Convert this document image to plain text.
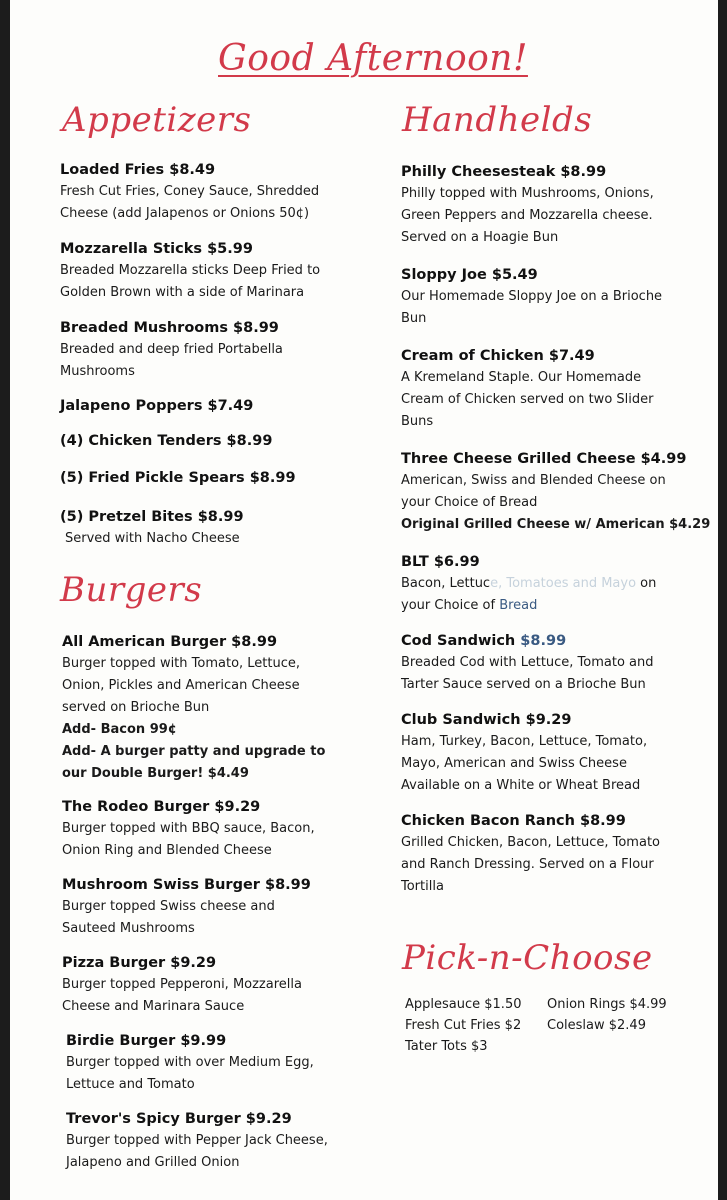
Good Afternoon!
Appetizers
Loaded Fries $8.49
Fresh Cut Fries, Coney Sauce, Shredded
Cheese (add Jalapenos or Onions 50¢)
Mozzarella Sticks $5.99
Breaded Mozzarella sticks Deep Fried to
Golden Brown with a side of Marinara
Breaded Mushrooms $8.99
Breaded and deep fried Portabella
Mushrooms
Jalapeno Poppers $7.49
(4) Chicken Tenders $8.99
(5) Fried Pickle Spears $8.99
(5) Pretzel Bites $8.99
Served with Nacho Cheese
Burgers
All American Burger $8.99
Burger topped with Tomato, Lettuce,
Onion, Pickles and American Cheese
served on Brioche Bun
Add- Bacon 99¢
Add- A burger patty and upgrade to
our Double Burger! $4.49
The Rodeo Burger $9.29
Burger topped with BBQ sauce, Bacon,
Onion Ring and Blended Cheese
Mushroom Swiss Burger $8.99
Burger topped Swiss cheese and
Sauteed Mushrooms
Pizza Burger $9.29
Burger topped Pepperoni, Mozzarella
Cheese and Marinara Sauce
Birdie Burger $9.99
Burger topped with over Medium Egg,
Lettuce and Tomato
Trevor's Spicy Burger $9.29
Burger topped with Pepper Jack Cheese,
Jalapeno and Grilled Onion
Handhelds
Philly Cheesesteak $8.99
Philly topped with Mushrooms, Onions,
Green Peppers and Mozzarella cheese.
Served on a Hoagie Bun
Sloppy Joe $5.49
Our Homemade Sloppy Joe on a Brioche
Bun
Cream of Chicken $7.49
A Kremeland Staple. Our Homemade
Cream of Chicken served on two Slider
Buns
Three Cheese Grilled Cheese $4.99
American, Swiss and Blended Cheese on
your Choice of Bread
Original Grilled Cheese w/ American $4.29
BLT $6.99
Bacon, Lettuce, Tomatoes and Mayo on
your Choice of Bread
Cod Sandwich $8.99
Breaded Cod with Lettuce, Tomato and
Tarter Sauce served on a Brioche Bun
Club Sandwich $9.29
Ham, Turkey, Bacon, Lettuce, Tomato,
Mayo, American and Swiss Cheese
Available on a White or Wheat Bread
Chicken Bacon Ranch $8.99
Grilled Chicken, Bacon, Lettuce, Tomato
and Ranch Dressing. Served on a Flour
Tortilla
Pick-n-Choose
Applesauce $1.50
Fresh Cut Fries $2
Tater Tots $3
Onion Rings $4.99
Coleslaw $2.49
